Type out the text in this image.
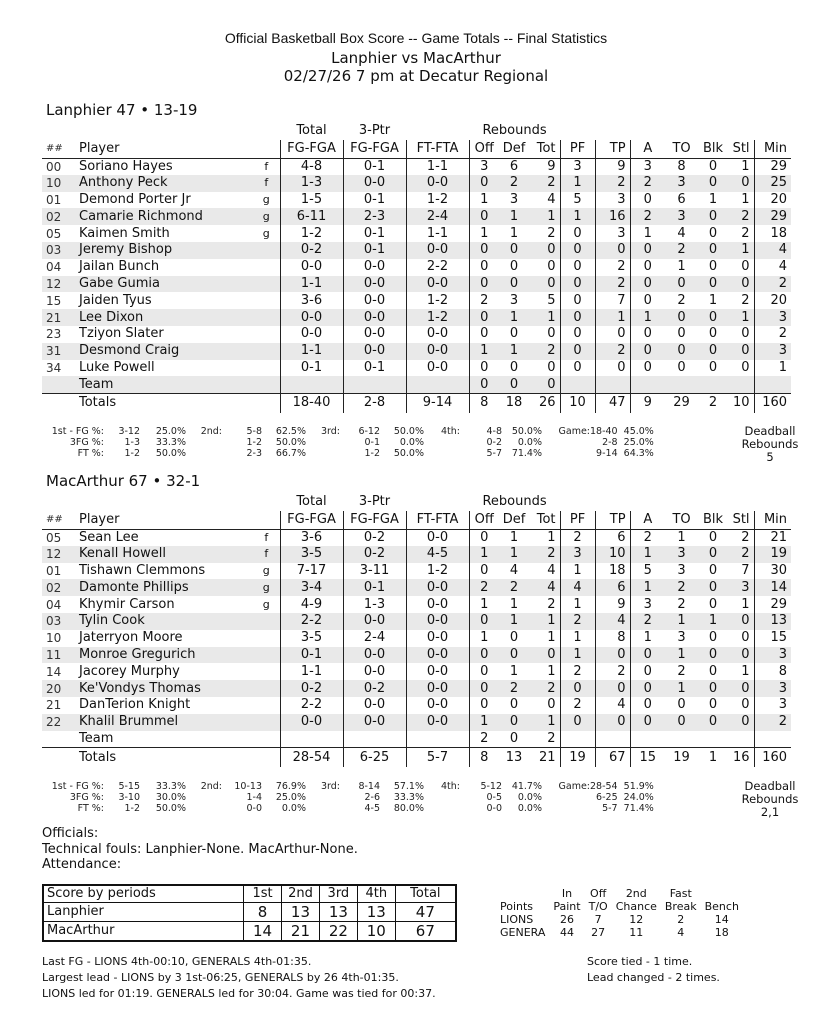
Official Basketball Box Score -- Game Totals -- Final Statistics
Lanphier vs MacArthur
02/27/26 7 pm at Decatur Regional
Lanphier 47 • 13-19
			Total	3-Ptr		Rebounds									
##	Player		FG-FGA	FG-FGA	FT-FTA	Off	Def	Tot	PF	TP	A	TO	Blk	Stl	Min
00	Soriano Hayes	f	4-8	0-1	1-1	3	6	9	3	9	3	8	0	1	29
10	Anthony Peck	f	1-3	0-0	0-0	0	2	2	1	2	2	3	0	0	25
01	Demond Porter Jr	g	1-5	0-1	1-2	1	3	4	5	3	0	6	1	1	20
02	Camarie Richmond	g	6-11	2-3	2-4	0	1	1	1	16	2	3	0	2	29
05	Kaimen Smith	g	1-2	0-1	1-1	1	1	2	0	3	1	4	0	2	18
03	Jeremy Bishop		0-2	0-1	0-0	0	0	0	0	0	0	2	0	1	4
04	Jailan Bunch		0-0	0-0	2-2	0	0	0	0	2	0	1	0	0	4
12	Gabe Gumia		1-1	0-0	0-0	0	0	0	0	2	0	0	0	0	2
15	Jaiden Tyus		3-6	0-0	1-2	2	3	5	0	7	0	2	1	2	20
21	Lee Dixon		0-0	0-0	1-2	0	1	1	0	1	1	0	0	1	3
23	Tziyon Slater		0-0	0-0	0-0	0	0	0	0	0	0	0	0	0	2
31	Desmond Craig		1-1	0-0	0-0	1	1	2	0	2	0	0	0	0	3
34	Luke Powell		0-1	0-1	0-0	0	0	0	0	0	0	0	0	0	1
	Team					0	0	0							
	Totals		18-40	2-8	9-14	8	18	26	10	47	9	29	2	10	160
1st - FG %:	3-12	25.0%	2nd:	5-8	62.5%	3rd:	6-12	50.0%	4th:	4-8	50.0%	Game:	18-40 45.0%
3FG %:	1-3	33.3%		1-2	50.0%		0-1	0.0%		0-2	0.0%		2-8 25.0%
FT %:	1-2	50.0%		2-3	66.7%		1-2	50.0%		5-7	71.4%		9-14 64.3%
Deadball
Rebounds
5
MacArthur 67 • 32-1
			Total	3-Ptr		Rebounds									
##	Player		FG-FGA	FG-FGA	FT-FTA	Off	Def	Tot	PF	TP	A	TO	Blk	Stl	Min
05	Sean Lee	f	3-6	0-2	0-0	0	1	1	2	6	2	1	0	2	21
12	Kenall Howell	f	3-5	0-2	4-5	1	1	2	3	10	1	3	0	2	19
01	Tishawn Clemmons	g	7-17	3-11	1-2	0	4	4	1	18	5	3	0	7	30
02	Damonte Phillips	g	3-4	0-1	0-0	2	2	4	4	6	1	2	0	3	14
04	Khymir Carson	g	4-9	1-3	0-0	1	1	2	1	9	3	2	0	1	29
03	Tylin Cook		2-2	0-0	0-0	0	1	1	2	4	2	1	1	0	13
10	Jaterryon Moore		3-5	2-4	0-0	1	0	1	1	8	1	3	0	0	15
11	Monroe Gregurich		0-1	0-0	0-0	0	0	0	1	0	0	1	0	0	3
14	Jacorey Murphy		1-1	0-0	0-0	0	1	1	2	2	0	2	0	1	8
20	Ke'Vondys Thomas		0-2	0-2	0-0	0	2	2	0	0	0	1	0	0	3
21	DanTerion Knight		2-2	0-0	0-0	0	0	0	2	4	0	0	0	0	3
22	Khalil Brummel		0-0	0-0	0-0	1	0	1	0	0	0	0	0	0	2
	Team					2	0	2							
	Totals		28-54	6-25	5-7	8	13	21	19	67	15	19	1	16	160
1st - FG %:	5-15	33.3%	2nd:	10-13	76.9%	3rd:	8-14	57.1%	4th:	5-12	41.7%	Game:	28-54 51.9%
3FG %:	3-10	30.0%		1-4	25.0%		2-6	33.3%		0-5	0.0%		6-25 24.0%
FT %:	1-2	50.0%		0-0	0.0%		4-5	80.0%		0-0	0.0%		5-7 71.4%
Deadball
Rebounds
2,1
Officials:
Technical fouls: Lanphier-None. MacArthur-None.
Attendance:
Score by periods	1st	2nd	3rd	4th	Total
Lanphier	8	13	13	13	47
MacArthur	14	21	22	10	67
	In	Off	2nd	Fast	
Points	Paint	T/O	Chance	Break	Bench
LIONS	26	7	12	2	14
GENERA	44	27	11	4	18
Last FG - LIONS 4th-00:10, GENERALS 4th-01:35.
Largest lead - LIONS by 3 1st-06:25, GENERALS by 26 4th-01:35.
LIONS led for 01:19. GENERALS led for 30:04. Game was tied for 00:37.
Score tied - 1 time.
Lead changed - 2 times.
